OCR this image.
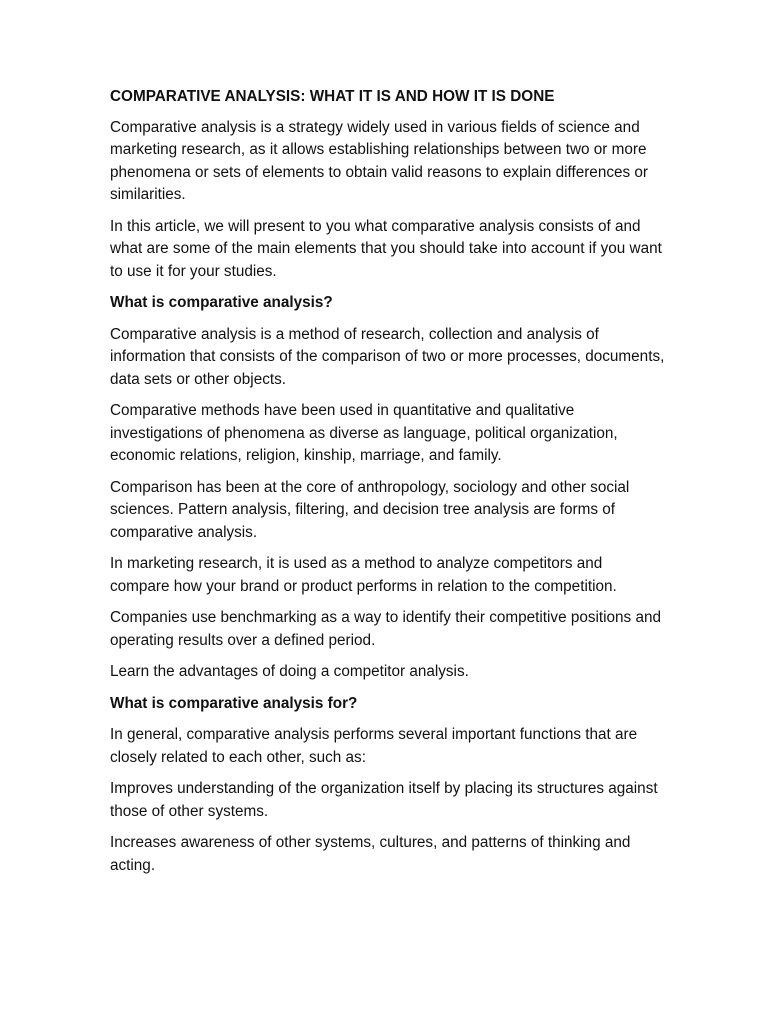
COMPARATIVE ANALYSIS: WHAT IT IS AND HOW IT IS DONE

Comparative analysis is a strategy widely used in various fields of science and marketing research, as it allows establishing relationships between two or more phenomena or sets of elements to obtain valid reasons to explain differences or similarities.

In this article, we will present to you what comparative analysis consists of and what are some of the main elements that you should take into account if you want to use it for your studies.

What is comparative analysis?

Comparative analysis is a method of research, collection and analysis of information that consists of the comparison of two or more processes, documents, data sets or other objects.

Comparative methods have been used in quantitative and qualitative investigations of phenomena as diverse as language, political organization, economic relations, religion, kinship, marriage, and family.

Comparison has been at the core of anthropology, sociology and other social sciences. Pattern analysis, filtering, and decision tree analysis are forms of comparative analysis.

In marketing research, it is used as a method to analyze competitors and compare how your brand or product performs in relation to the competition.

Companies use benchmarking as a way to identify their competitive positions and operating results over a defined period.

Learn the advantages of doing a competitor analysis.

What is comparative analysis for?

In general, comparative analysis performs several important functions that are closely related to each other, such as:

Improves understanding of the organization itself by placing its structures against those of other systems.

Increases awareness of other systems, cultures, and patterns of thinking and acting.
